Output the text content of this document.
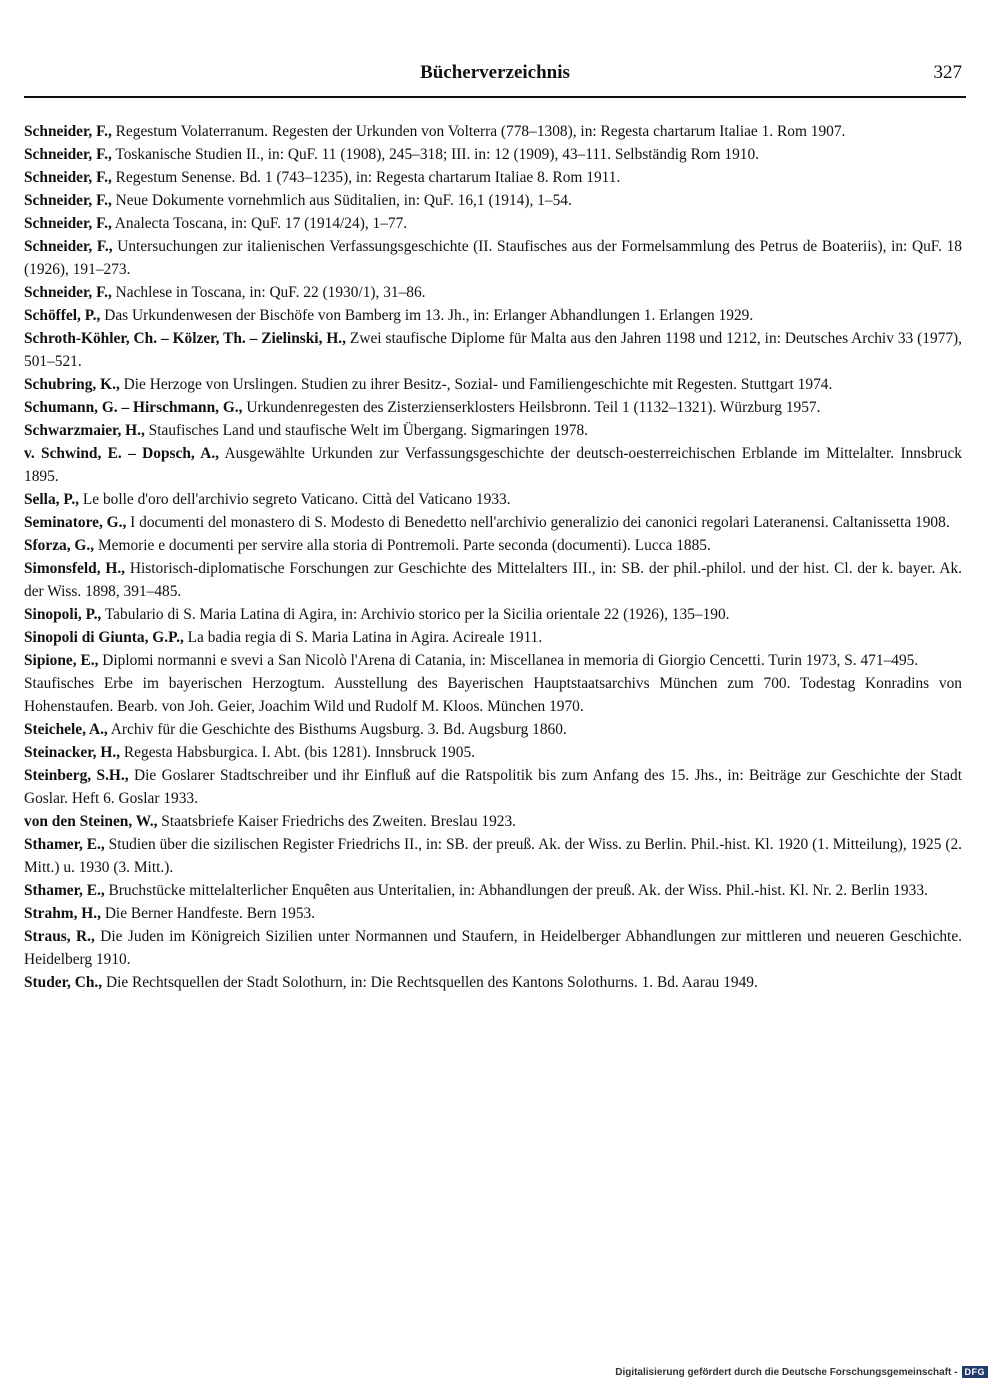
Bücherverzeichnis	327

Schneider, F., Regestum Volaterranum. Regesten der Urkunden von Volterra (778–1308), in: Regesta chartarum Italiae 1. Rom 1907.

Schneider, F., Toskanische Studien II., in: QuF. 11 (1908), 245–318; III. in: 12 (1909), 43–111. Selbständig Rom 1910.

Schneider, F., Regestum Senense. Bd. 1 (743–1235), in: Regesta chartarum Italiae 8. Rom 1911.

Schneider, F., Neue Dokumente vornehmlich aus Süditalien, in: QuF. 16,1 (1914), 1–54.

Schneider, F., Analecta Toscana, in: QuF. 17 (1914/24), 1–77.

Schneider, F., Untersuchungen zur italienischen Verfassungsgeschichte (II. Staufisches aus der Formelsammlung des Petrus de Boateriis), in: QuF. 18 (1926), 191–273.

Schneider, F., Nachlese in Toscana, in: QuF. 22 (1930/1), 31–86.

Schöffel, P., Das Urkundenwesen der Bischöfe von Bamberg im 13. Jh., in: Erlanger Abhandlungen 1. Erlangen 1929.

Schroth-Köhler, Ch. – Kölzer, Th. – Zielinski, H., Zwei staufische Diplome für Malta aus den Jahren 1198 und 1212, in: Deutsches Archiv 33 (1977), 501–521.

Schubring, K., Die Herzoge von Urslingen. Studien zu ihrer Besitz-, Sozial- und Familiengeschichte mit Regesten. Stuttgart 1974.

Schumann, G. – Hirschmann, G., Urkundenregesten des Zisterzienserklosters Heilsbronn. Teil 1 (1132–1321). Würzburg 1957.

Schwarzmaier, H., Staufisches Land und staufische Welt im Übergang. Sigmaringen 1978.

v. Schwind, E. – Dopsch, A., Ausgewählte Urkunden zur Verfassungsgeschichte der deutsch-oesterreichischen Erblande im Mittelalter. Innsbruck 1895.

Sella, P., Le bolle d'oro dell'archivio segreto Vaticano. Città del Vaticano 1933.

Seminatore, G., I documenti del monastero di S. Modesto di Benedetto nell'archivio generalizio dei canonici regolari Lateranensi. Caltanissetta 1908.

Sforza, G., Memorie e documenti per servire alla storia di Pontremoli. Parte seconda (documenti). Lucca 1885.

Simonsfeld, H., Historisch-diplomatische Forschungen zur Geschichte des Mittelalters III., in: SB. der phil.-philol. und der hist. Cl. der k. bayer. Ak. der Wiss. 1898, 391–485.

Sinopoli, P., Tabulario di S. Maria Latina di Agira, in: Archivio storico per la Sicilia orientale 22 (1926), 135–190.

Sinopoli di Giunta, G.P., La badia regia di S. Maria Latina in Agira. Acireale 1911.

Sipione, E., Diplomi normanni e svevi a San Nicolò l'Arena di Catania, in: Miscellanea in memoria di Giorgio Cencetti. Turin 1973, S. 471–495.

Staufisches Erbe im bayerischen Herzogtum. Ausstellung des Bayerischen Hauptstaatsarchivs München zum 700. Todestag Konradins von Hohenstaufen. Bearb. von Joh. Geier, Joachim Wild und Rudolf M. Kloos. München 1970.

Steichele, A., Archiv für die Geschichte des Bisthums Augsburg. 3. Bd. Augsburg 1860.

Steinacker, H., Regesta Habsburgica. I. Abt. (bis 1281). Innsbruck 1905.

Steinberg, S.H., Die Goslarer Stadtschreiber und ihr Einfluß auf die Ratspolitik bis zum Anfang des 15. Jhs., in: Beiträge zur Geschichte der Stadt Goslar. Heft 6. Goslar 1933.

von den Steinen, W., Staatsbriefe Kaiser Friedrichs des Zweiten. Breslau 1923.

Sthamer, E., Studien über die sizilischen Register Friedrichs II., in: SB. der preuß. Ak. der Wiss. zu Berlin. Phil.-hist. Kl. 1920 (1. Mitteilung), 1925 (2. Mitt.) u. 1930 (3. Mitt.).

Sthamer, E., Bruchstücke mittelalterlicher Enquêten aus Unteritalien, in: Abhandlungen der preuß. Ak. der Wiss. Phil.-hist. Kl. Nr. 2. Berlin 1933.

Strahm, H., Die Berner Handfeste. Bern 1953.

Straus, R., Die Juden im Königreich Sizilien unter Normannen und Staufern, in Heidelberger Abhandlungen zur mittleren und neueren Geschichte. Heidelberg 1910.

Studer, Ch., Die Rechtsquellen der Stadt Solothurn, in: Die Rechtsquellen des Kantons Solothurns. 1. Bd. Aarau 1949.

Digitalisierung gefördert durch die Deutsche Forschungsgemeinschaft - DFG
